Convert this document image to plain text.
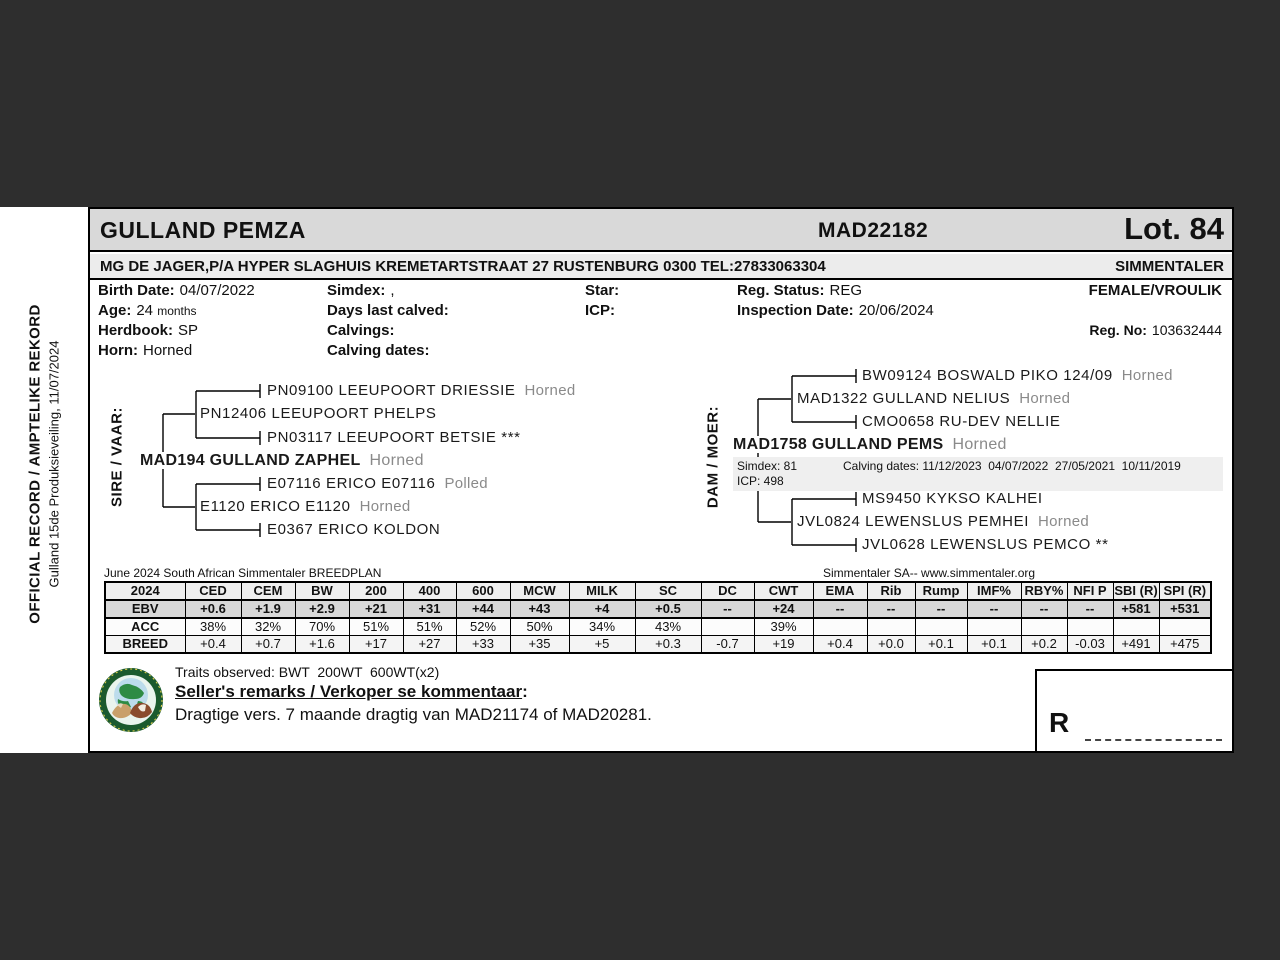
OFFICIAL RECORD / AMPTELIKE REKORD Gulland 15de Produksieveiling, 11/07/2024
GULLAND PEMZA	MAD22182	Lot. 84
MG DE JAGER,P/A HYPER SLAGHUIS KREMETARTSTRAAT 27 RUSTENBURG 0300 TEL:27833063304	SIMMENTALER
Birth Date: 04/07/2022	Simdex: ,	Star:	Reg. Status: REG	FEMALE/VROULIK
Age: 24 months	Days last calved:	ICP:	Inspection Date: 20/06/2024
Herdbook: SP	Calvings:	Reg. No: 103632444
Horn: Horned	Calving dates:
SIRE / VAAR:
PN09100 LEEUPOORT DRIESSIE Horned
PN12406 LEEUPOORT PHELPS
PN03117 LEEUPOORT BETSIE ***
MAD194 GULLAND ZAPHEL Horned
E07116 ERICO E07116 Polled
E1120 ERICO E1120 Horned
E0367 ERICO KOLDON
DAM / MOER:
BW09124 BOSWALD PIKO 124/09 Horned
MAD1322 GULLAND NELIUS Horned
CMO0658 RU-DEV NELLIE
MAD1758 GULLAND PEMS Horned
Simdex: 81	Calving dates: 11/12/2023  04/07/2022  27/05/2021  10/11/2019
ICP: 498
MS9450 KYKSO KALHEI
JVL0824 LEWENSLUS PEMHEI Horned
JVL0628 LEWENSLUS PEMCO **
June 2024 South African Simmentaler BREEDPLAN	Simmentaler SA-- www.simmentaler.org
2024	CED	CEM	BW	200	400	600	MCW	MILK	SC	DC	CWT	EMA	Rib	Rump	IMF%	RBY%	NFI P	SBI (R)	SPI (R)
EBV	+0.6	+1.9	+2.9	+21	+31	+44	+43	+4	+0.5	--	+24	--	--	--	--	--	--	+581	+531
ACC	38%	32%	70%	51%	51%	52%	50%	34%	43%		39%								
BREED	+0.4	+0.7	+1.6	+17	+27	+33	+35	+5	+0.3	-0.7	+19	+0.4	+0.0	+0.1	+0.1	+0.2	-0.03	+491	+475
Traits observed: BWT  200WT  600WT(x2)
Seller's remarks / Verkoper se kommentaar:
Dragtige vers. 7 maande dragtig van MAD21174 of MAD20281.	R
